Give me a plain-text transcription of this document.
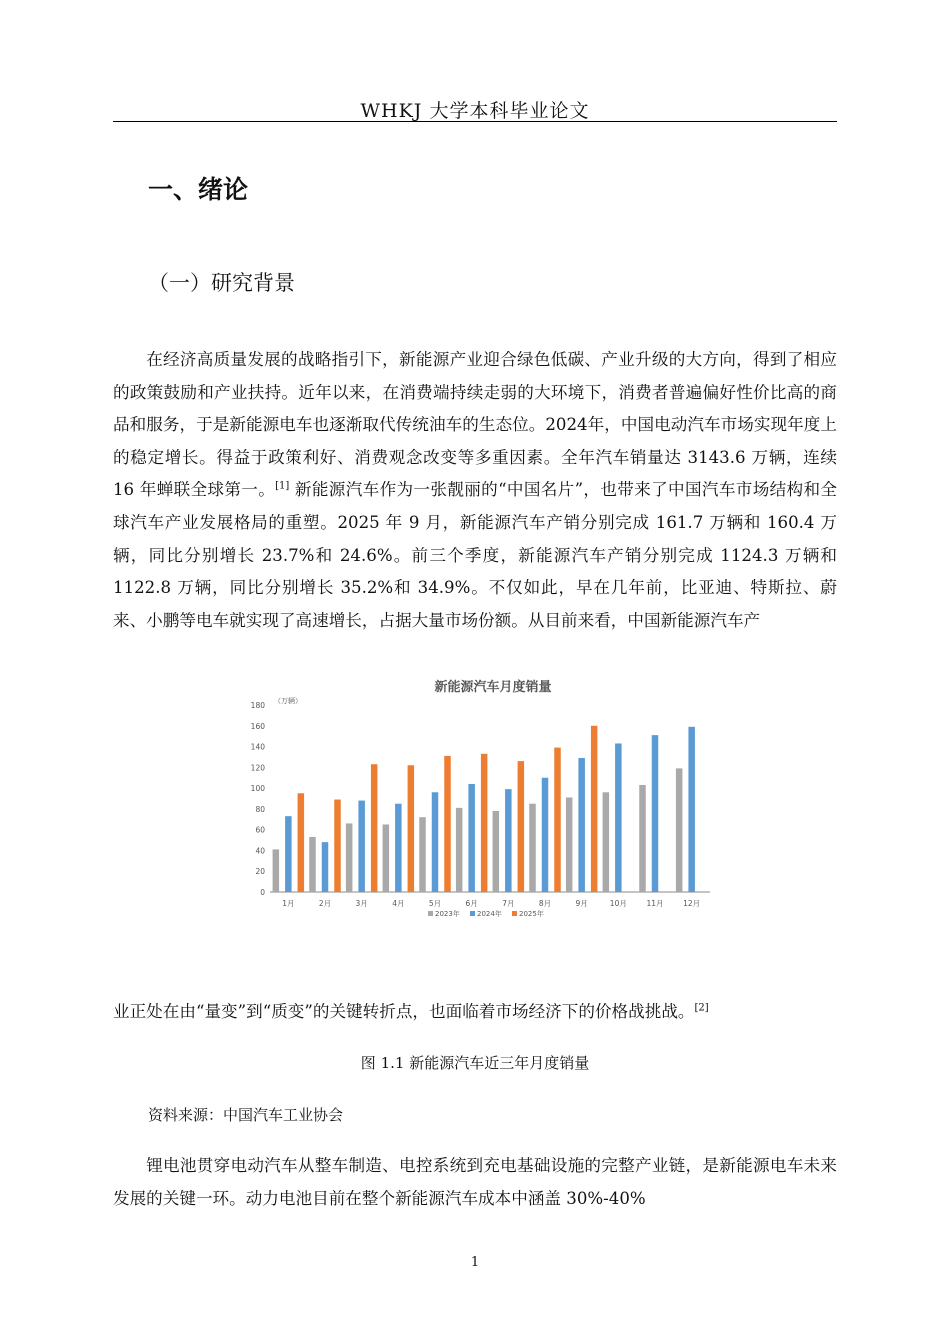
WHKJ 大学本科毕业论文
一、绪论
（一）研究背景

在经济高质量发展的战略指引下，新能源产业迎合绿色低碳、产业升级的大方向，得到了相应的政策鼓励和产业扶持。近年以来，在消费端持续走弱的大环境下，消费者普遍偏好性价比高的商品和服务，于是新能源电车也逐渐取代传统油车的生态位。2024年，中国电动汽车市场实现年度上的稳定增长。得益于政策利好、消费观念改变等多重因素。全年汽车销量达 3143.6 万辆，连续 16 年蝉联全球第一。[1] 新能源汽车作为一张靓丽的“中国名片”，也带来了中国汽车市场结构和全球汽车产业发展格局的重塑。2025 年 9 月，新能源汽车产销分别完成 161.7 万辆和 160.4 万辆，同比分别增长 23.7%和 24.6%。前三个季度，新能源汽车产销分别完成 1124.3 万辆和 1122.8 万辆，同比分别增长 35.2%和 34.9%。不仅如此，早在几年前，比亚迪、特斯拉、蔚来、小鹏等电车就实现了高速增长，占据大量市场份额。从目前来看，中国新能源汽车产

新能源汽车月度销量
（万辆）
0
20
40
60
80
100
120
140
160
180
1月	2月	3月	4月	5月	6月	7月	8月	9月	10月	11月	12月
2023年 2024年 2025年

业正处在由“量变”到“质变”的关键转折点，也面临着市场经济下的价格战挑战。[2]

图 1.1 新能源汽车近三年月度销量
资料来源：中国汽车工业协会

锂电池贯穿电动汽车从整车制造、电控系统到充电基础设施的完整产业链，是新能源电车未来发展的关键一环。动力电池目前在整个新能源汽车成本中涵盖 30%-40%

1
